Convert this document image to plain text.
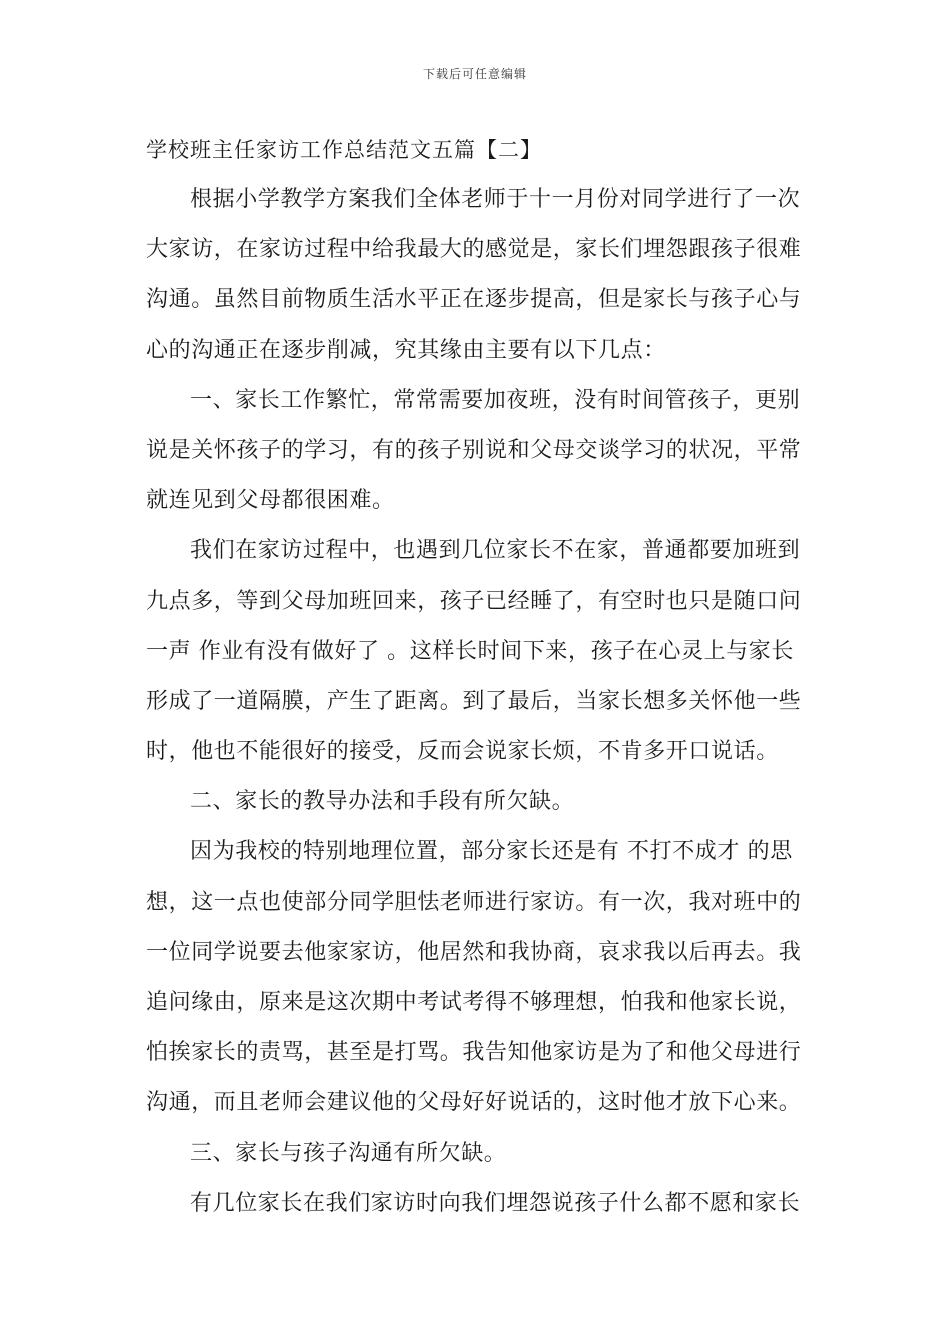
下载后可任意编辑
学校班主任家访工作总结范文五篇【二】
根据小学教学方案我们全体老师于十一月份对同学进行了一次
大家访，在家访过程中给我最大的感觉是，家长们埋怨跟孩子很难
沟通。虽然目前物质生活水平正在逐步提高，但是家长与孩子心与
心的沟通正在逐步削减，究其缘由主要有以下几点：
一、家长工作繁忙，常常需要加夜班，没有时间管孩子，更别
说是关怀孩子的学习，有的孩子别说和父母交谈学习的状况，平常
就连见到父母都很困难。
我们在家访过程中，也遇到几位家长不在家，普通都要加班到
九点多，等到父母加班回来，孩子已经睡了，有空时也只是随口问
一声 作业有没有做好了 。这样长时间下来，孩子在心灵上与家长
形成了一道隔膜，产生了距离。到了最后，当家长想多关怀他一些
时，他也不能很好的接受，反而会说家长烦，不肯多开口说话。
二、家长的教导办法和手段有所欠缺。
因为我校的特别地理位置，部分家长还是有 不打不成才 的思
想，这一点也使部分同学胆怯老师进行家访。有一次，我对班中的
一位同学说要去他家家访，他居然和我协商，哀求我以后再去。我
追问缘由，原来是这次期中考试考得不够理想，怕我和他家长说，
怕挨家长的责骂，甚至是打骂。我告知他家访是为了和他父母进行
沟通，而且老师会建议他的父母好好说话的，这时他才放下心来。
三、家长与孩子沟通有所欠缺。
有几位家长在我们家访时向我们埋怨说孩子什么都不愿和家长
